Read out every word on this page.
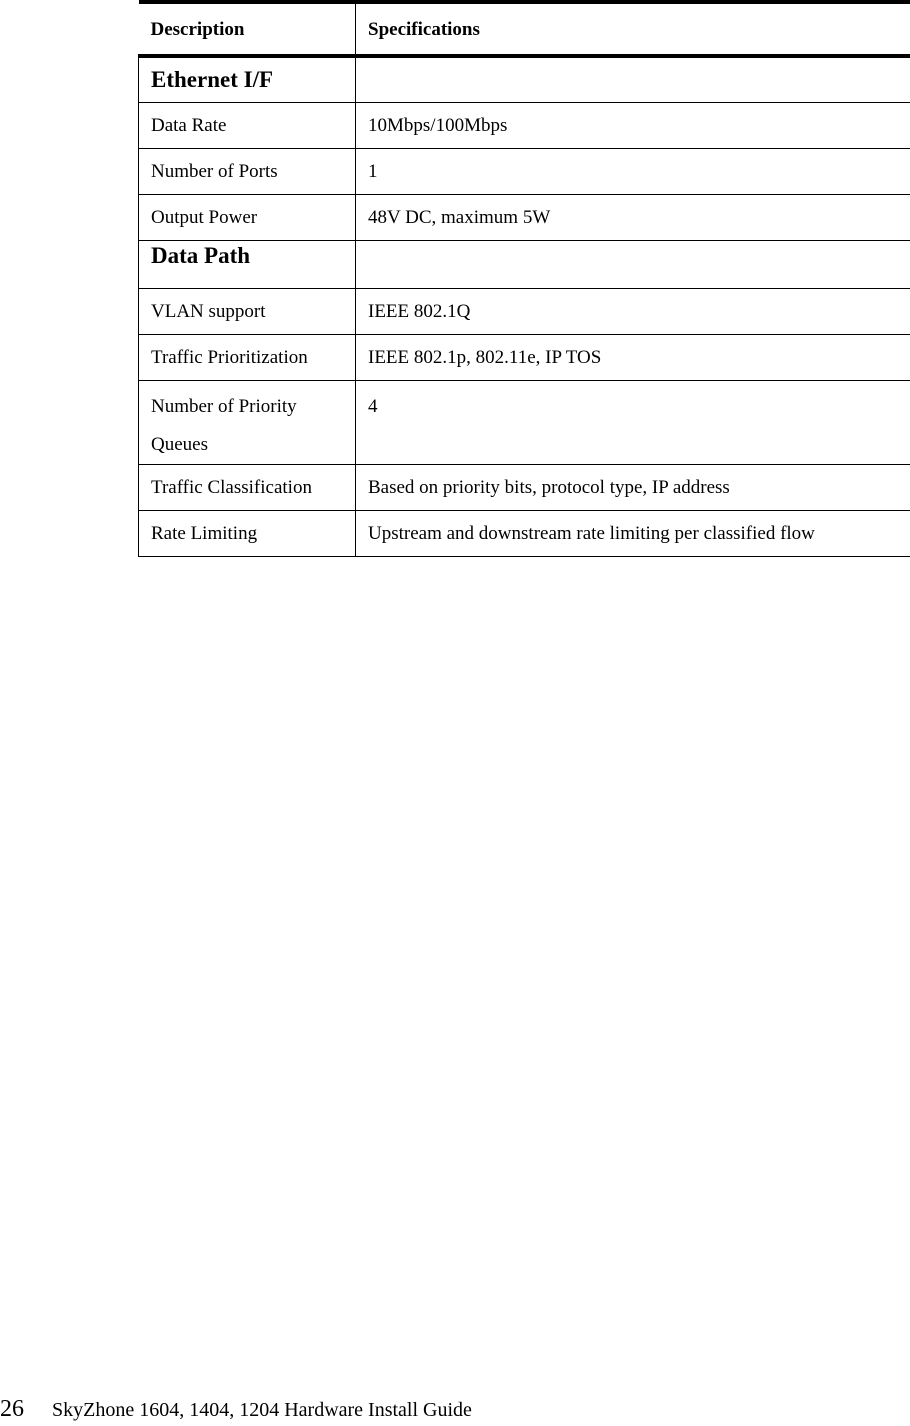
Description	Specifications
Ethernet I/F	
Data Rate	10Mbps/100Mbps
Number of Ports	1
Output Power	48V DC, maximum 5W
Data Path	
VLAN support	IEEE 802.1Q
Traffic Prioritization	IEEE 802.1p, 802.11e, IP TOS
Number of Priority Queues	4
Traffic Classification	Based on priority bits, protocol type, IP address
Rate Limiting	Upstream and downstream rate limiting per classified flow
26 SkyZhone 1604, 1404, 1204 Hardware Install Guide
